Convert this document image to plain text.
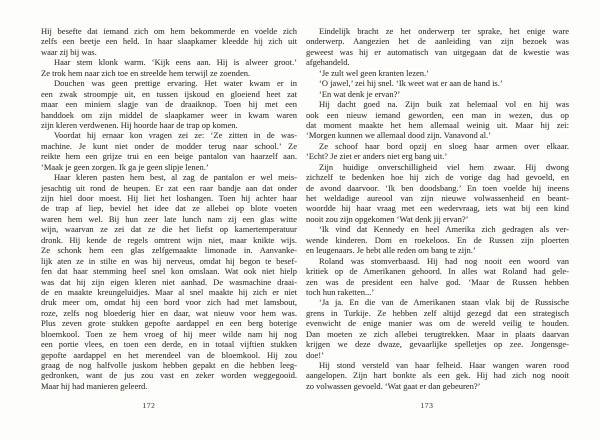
Hij besefte dat iemand zich om hem bekommerde en voelde zich
zelfs een beetje een held. In haar slaapkamer kleedde hij zich uit
waar zij bij was.
Haar stem klonk warm. ‘Kijk eens aan. Hij is alweer groot.’
Ze trok hem naar zich toe en streelde hem terwijl ze zoenden.
Douchen was geen prettige ervaring. Het water kwam er in
een zwak stroompje uit, en tussen ijskoud en gloeiend heet zat
maar een miniem slagje van de draaiknop. Toen hij met een
handdoek om zijn middel de slaapkamer weer in kwam waren
zijn kleren verdwenen. Hij hoorde haar de trap op komen.
Voordat hij ernaar kon vragen zei ze: ‘Ze zitten in de was-
machine. Je kunt niet onder de modder terug naar school.’ Ze
reikte hem een grijze trui en een beige pantalon van haarzelf aan.
‘Maak je geen zorgen. Ik ga je geen slipje lenen.’
Haar kleren pasten hem best, al zag de pantalon er wel meis-
jesachtig uit rond de heupen. Er zat een raar bandje aan dat onder
zijn hiel door moest. Hij liet het loshangen. Toen hij achter haar
de trap af liep, beviel het idee dat ze allebei op blote voeten
waren hem wel. Bij hun zeer late lunch nam zij een glas witte
wijn, waarvan ze zei dat ze die het liefst op kamertemperatuur
dronk. Hij kende de regels omtrent wijn niet, maar knikte wijs.
Ze schonk hem een glas zelfgemaakte limonade in. Aanvanke-
lijk aten ze in stilte en was hij nerveus, omdat hij begon te besef-
fen dat haar stemming heel snel kon omslaan. Wat ook niet hielp
was dat hij zijn eigen kleren niet aanhad. De wasmachine draai-
de en maakte kreungeluidjes. Maar al snel maakte hij zich er niet
druk meer om, omdat hij een bord voor zich had met lamsbout,
roze, zelfs nog bloederig hier en daar, wat nieuw voor hem was.
Plus zeven grote stukken gepofte aardappel en een berg boterige
bloemkool. Toen ze hem vroeg of hij meer wilde nam hij nog
een portie vlees, en toen een derde, en in totaal vijftien stukken
gepofte aardappel en het merendeel van de bloemkool. Hij zou
graag de nog halfvolle juskom hebben gepakt en die hebben leeg-
gedronken, want de jus zou vast en zeker worden weggegooid.
Maar hij had manieren geleerd.
Eindelijk bracht ze het onderwerp ter sprake, het enige ware
onderwerp. Aangezien het de aanleiding van zijn bezoek was
geweest was hij er automatisch van uitgegaan dat de kwestie was
afgehandeld.
‘Je zult wel geen kranten lezen.’
‘O jawel,’ zei hij snel. ‘Ik weet wat er aan de hand is.’
‘En wat denk je ervan?’
Hij dacht goed na. Zijn buik zat helemaal vol en hij was
ook een nieuw iemand geworden, een man in wezen, dus op
dat moment maakte het hem allemaal weinig uit. Maar hij zei:
‘Morgen kunnen we allemaal dood zijn. Vanavond al.’
Ze schoof haar bord opzij en sloeg haar armen over elkaar.
‘Echt? Je ziet er anders niet erg bang uit.’
Zijn huidige onverschilligheid viel hem zwaar. Hij dwong
zichzelf te bedenken hoe hij zich de vorige dag had gevoeld, en
de avond daarvoor. ‘Ik ben doodsbang.’ En toen voelde hij ineens
het weldadige aureool van zijn nieuwe volwassenheid en beant-
woordde hij haar vraag met een wedervraag, iets wat bij een kind
nooit zou zijn opgekomen ‘Wat denk jij ervan?’
‘Ik vind dat Kennedy en heel Amerika zich gedragen als ver-
wende kinderen. Dom en roekeloos. En de Russen zijn ploerten
en leugenaars. Je hebt alle reden om bang te zijn.’
Roland was stomverbaasd. Hij had nog nooit een woord van
kritiek op de Amerikanen gehoord. In alles wat Roland had gele-
zen was de president een halve god. ‘Maar de Russen hebben
toch hun raketten...’
‘Ja ja. En die van de Amerikanen staan vlak bij de Russische
grens in Turkije. Ze hebben zelf altijd gezegd dat een strategisch
evenwicht de enige manier was om de wereld veilig te houden.
Dan moeten ze zich allebei terugtrekken. Maar in plaats daarvan
krijgen we deze dwaze, gevaarlijke spelletjes op zee. Jongensge-
doe!’
Hij stond versteld van haar felheid. Haar wangen waren rood
aangelopen. Zijn hart bonkte als een gek. Hij had zich nog nooit
zo volwassen gevoeld. ‘Wat gaat er dan gebeuren?’
172	173
